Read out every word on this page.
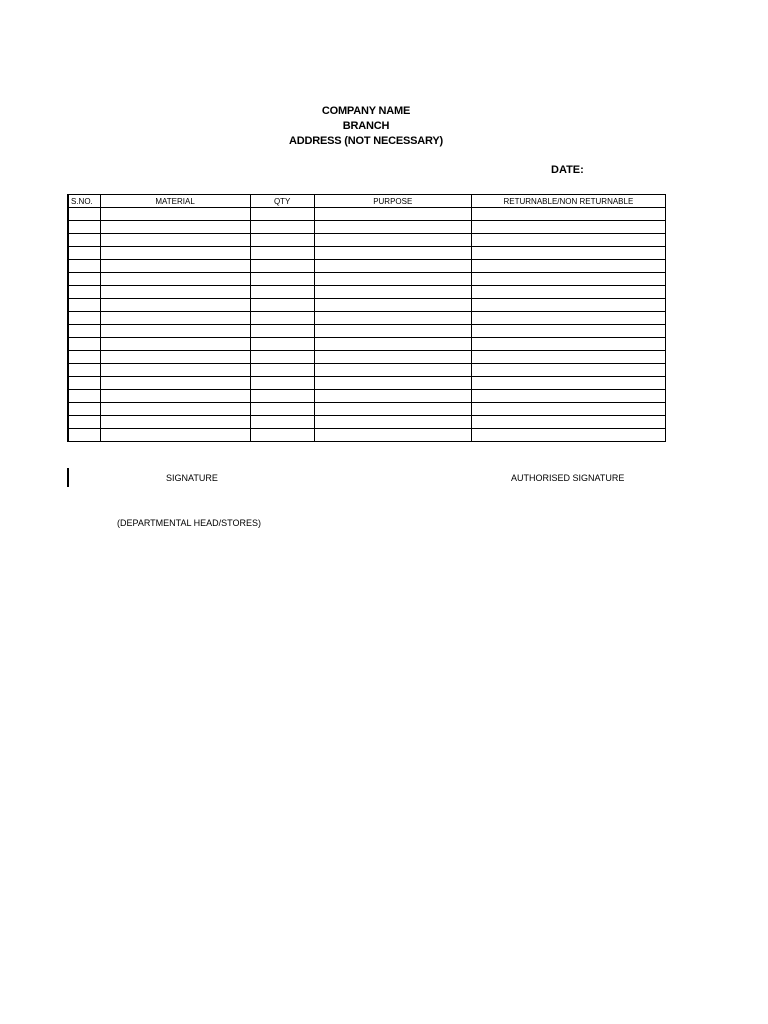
COMPANY NAME
BRANCH
ADDRESS (NOT NECESSARY)
DATE:
S.NO.	MATERIAL	QTY	PURPOSE	RETURNABLE/NON RETURNABLE

SIGNATURE	AUTHORISED SIGNATURE
(DEPARTMENTAL HEAD/STORES)
